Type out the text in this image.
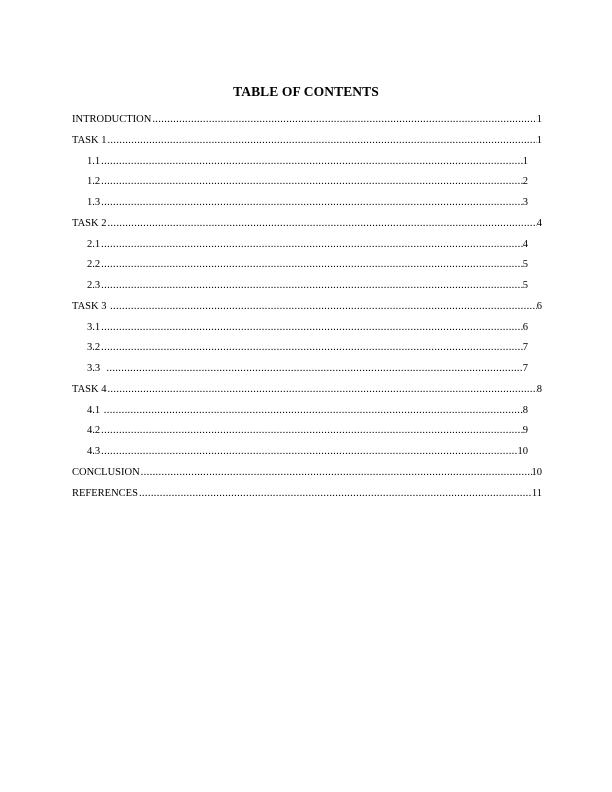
TABLE OF CONTENTS
INTRODUCTION .....	1
TASK 1 .....	1
1.1 .....	1
1.2 .....	2
1.3 .....	3
TASK 2 .....	4
2.1 .....	4
2.2 .....	5
2.3 .....	5
TASK 3 .....	6
3.1 .....	6
3.2 .....	7
3.3 .....	7
TASK 4 .....	8
4.1 .....	8
4.2 .....	9
4.3 .....	10
CONCLUSION .....	10
REFERENCES .....	11
